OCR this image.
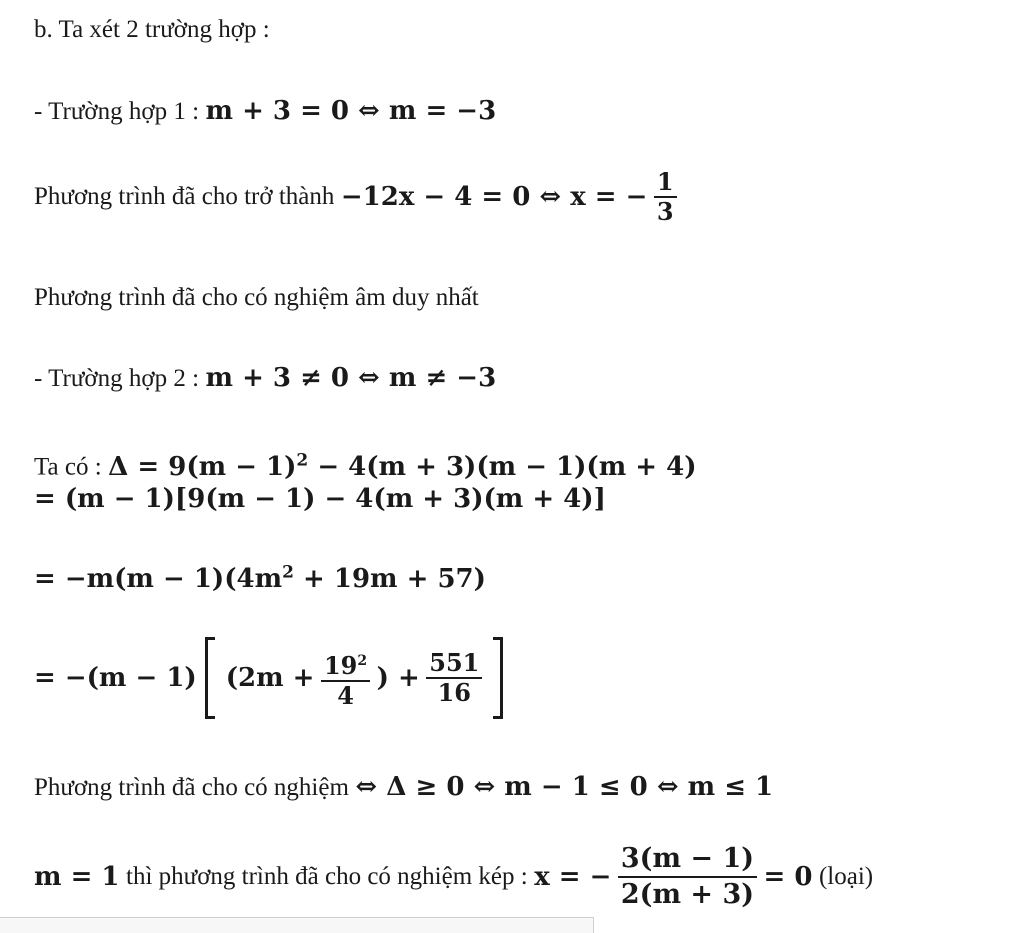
b. Ta xét 2 trường hợp :
- Trường hợp 1 : m + 3 = 0 ⇔ m = −3
Phương trình đã cho trở thành −12x − 4 = 0 ⇔ x = − $\frac{1}{3}$
Phương trình đã cho có nghiệm âm duy nhất
- Trường hợp 2 : m + 3 ≠ 0 ⇔ m ≠ −3
Ta có : $\Delta = 9(m - 1)^2 - 4(m + 3)(m - 1)(m + 4)$
= (m − 1)[9(m − 1) − 4(m + 3)(m + 4)]
= $-m(m - 1)(4m^2 + 19m + 57)$
= −(m − 1) ($2m + \frac{19^2}{4}$ ) + $\frac{551}{16}$

Phương trình đã cho có nghiệm ⇔ Δ ≥ 0 ⇔ m − 1 ≤ 0 ⇔ m ≤ 1
m = 1 thì phương trình đã cho có nghiệm kép : x = − $\frac{3(m - 1)}{2(m + 3)} = 0$ (loại)
